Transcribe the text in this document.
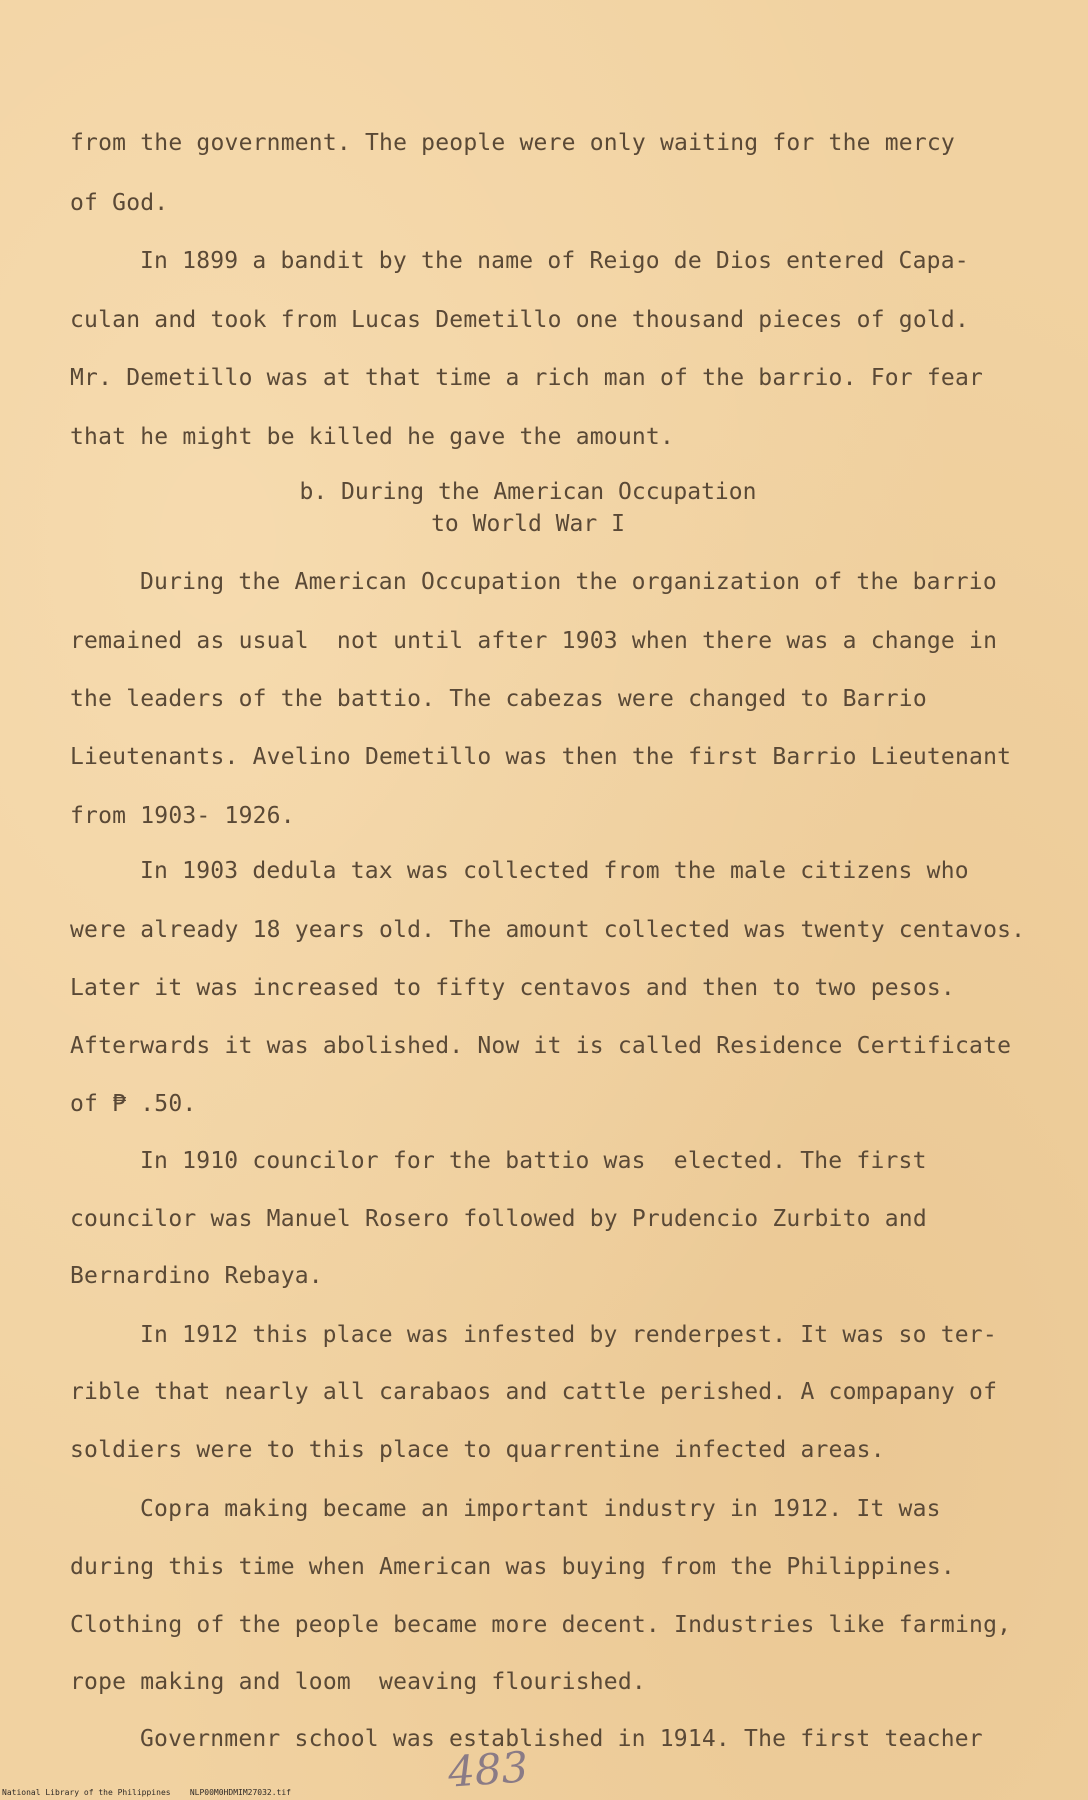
from the government. The people were only waiting for the mercy
of God.
In 1899 a bandit by the name of Reigo de Dios entered Capa-
culan and took from Lucas Demetillo one thousand pieces of gold.
Mr. Demetillo was at that time a rich man of the barrio. For fear
that he might be killed he gave the amount.
b. During the American Occupation
to World War I
During the American Occupation the organization of the barrio
remained as usual  not until after 1903 when there was a change in
the leaders of the battio. The cabezas were changed to Barrio
Lieutenants. Avelino Demetillo was then the first Barrio Lieutenant
from 1903- 1926.
In 1903 dedula tax was collected from the male citizens who
were already 18 years old. The amount collected was twenty centavos.
Later it was increased to fifty centavos and then to two pesos.
Afterwards it was abolished. Now it is called Residence Certificate
of ₱ .50.
In 1910 councilor for the battio was  elected. The first
councilor was Manuel Rosero followed by Prudencio Zurbito and
Bernardino Rebaya.
In 1912 this place was infested by renderpest. It was so ter-
rible that nearly all carabaos and cattle perished. A compapany of
soldiers were to this place to quarrentine infected areas.
Copra making became an important industry in 1912. It was
during this time when American was buying from the Philippines.
Clothing of the people became more decent. Industries like farming,
rope making and loom  weaving flourished.
Governmenr school was established in 1914. The first teacher
483
National Library of the Philippines    NLP00M0HDMIM27032.tif
